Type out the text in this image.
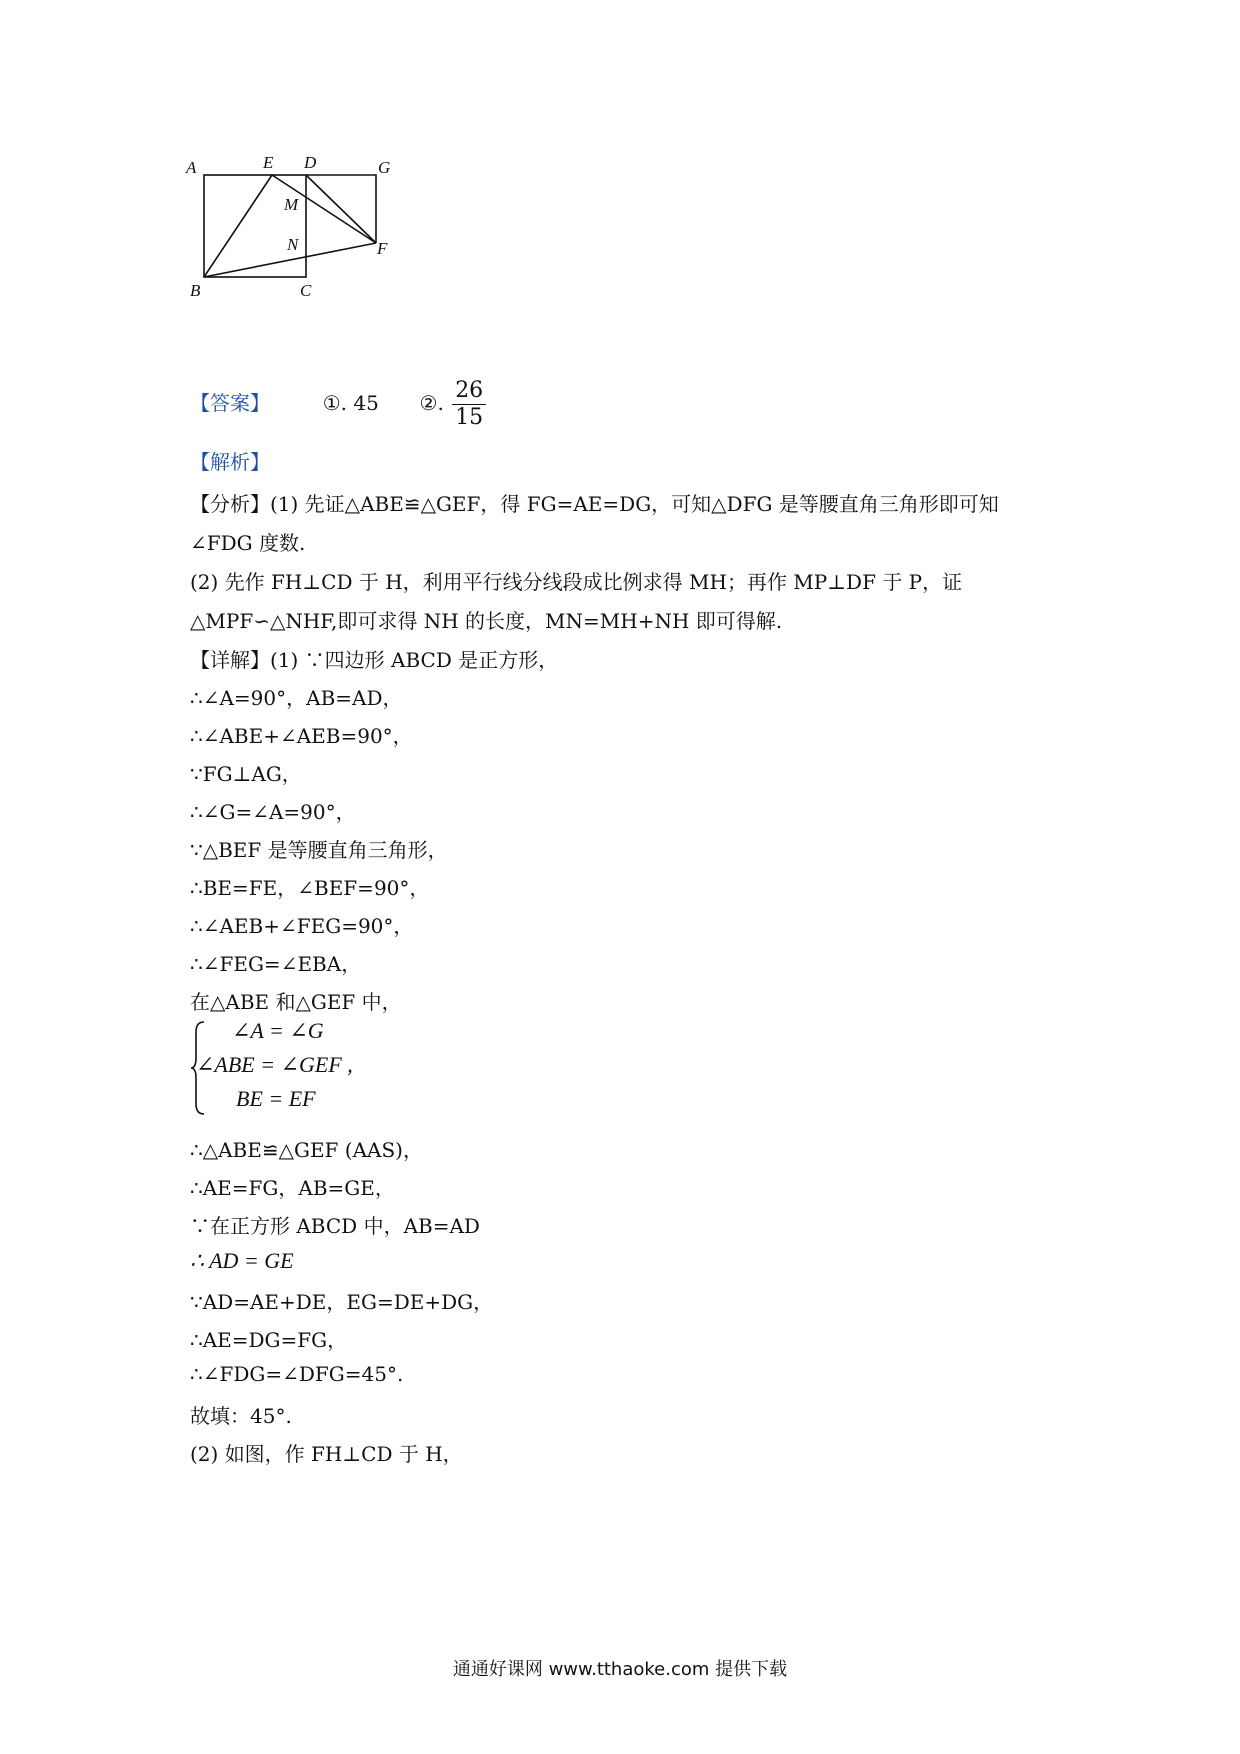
A	E D	G
M
N	F
B	C
【答案】	①. 45 ②. $\frac{26}{15}$
【解析】
【分析】(1) 先证△ABE≌△GEF，得 FG=AE=DG，可知△DFG 是等腰直角三角形即可知
∠FDG 度数.
(2) 先作 FH⊥CD 于 H，利用平行线分线段成比例求得 MH；再作 MP⊥DF 于 P，证
△MPF∽△NHF,即可求得 NH 的长度，MN=MH+NH 即可得解.
【详解】(1) ∵四边形 ABCD 是正方形，
∴∠A=90°，AB=AD，
∴∠ABE+∠AEB=90°，
∵FG⊥AG，
∴∠G=∠A=90°，
∵△BEF 是等腰直角三角形，
∴BE=FE，∠BEF=90°，
∴∠AEB+∠FEG=90°，
∴∠FEG=∠EBA，
在△ABE 和△GEF 中，
∠A = ∠G
∠ABE = ∠GEF ,
BE = EF
∴△ABE≌△GEF (AAS)，
∴AE=FG，AB=GE，
∵在正方形 ABCD 中，AB=AD
∴ AD = GE
∵AD=AE+DE，EG=DE+DG，
∴AE=DG=FG，
∴∠FDG=∠DFG=45°.
故填：45°.
(2) 如图，作 FH⊥CD 于 H，
通通好课网 www.tthaoke.com 提供下载
